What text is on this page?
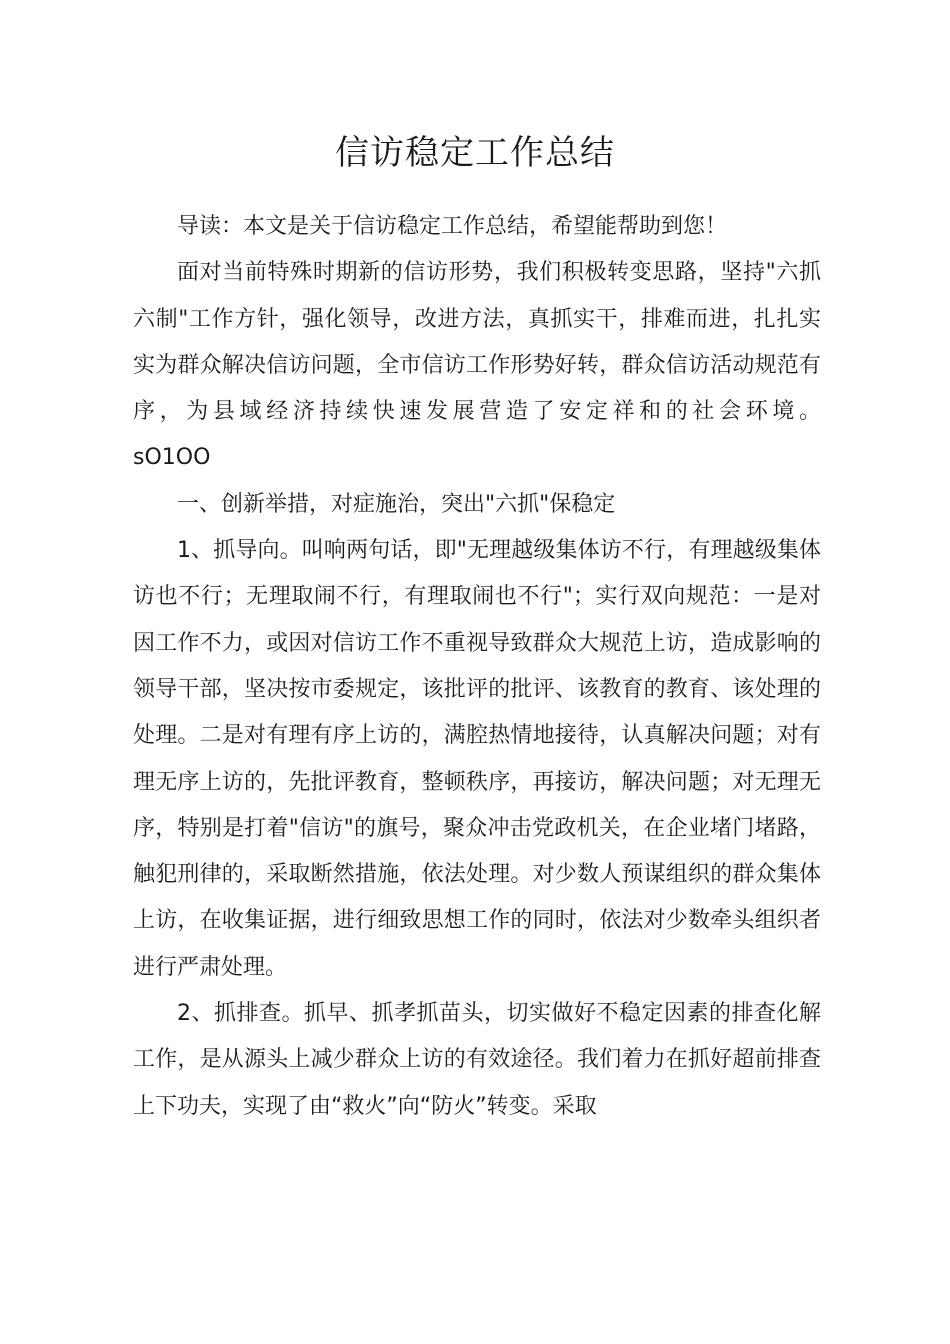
信访稳定工作总结

导读：本文是关于信访稳定工作总结，希望能帮助到您！

面对当前特殊时期新的信访形势，我们积极转变思路，坚持"六抓六制"工作方针，强化领导，改进方法，真抓实干，排难而进，扎扎实实为群众解决信访问题，全市信访工作形势好转，群众信访活动规范有序，为县域经济持续快速发展营造了安定祥和的社会环境。

sO1OO

一、创新举措，对症施治，突出"六抓"保稳定

1、抓导向。叫响两句话，即"无理越级集体访不行，有理越级集体访也不行；无理取闹不行，有理取闹也不行"；实行双向规范：一是对因工作不力，或因对信访工作不重视导致群众大规范上访，造成影响的领导干部，坚决按市委规定，该批评的批评、该教育的教育、该处理的处理。二是对有理有序上访的，满腔热情地接待，认真解决问题；对有理无序上访的，先批评教育，整顿秩序，再接访，解决问题；对无理无序，特别是打着"信访"的旗号，聚众冲击党政机关，在企业堵门堵路，触犯刑律的，采取断然措施，依法处理。对少数人预谋组织的群众集体上访，在收集证据，进行细致思想工作的同时，依法对少数牵头组织者进行严肃处理。

2、抓排查。抓早、抓孝抓苗头，切实做好不稳定因素的排查化解工作，是从源头上减少群众上访的有效途径。我们着力在抓好超前排查上下功夫，实现了由“救火”向“防火”转变。采取
